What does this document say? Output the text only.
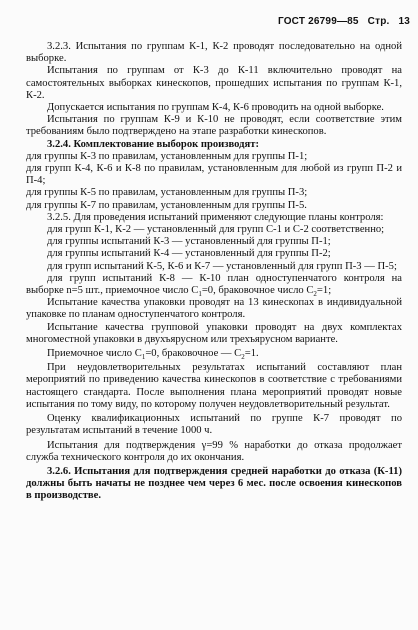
ГОСТ 26799—85 Стр. 13

3.2.3. Испытания по группам К-1, К-2 проводят последовательно на одной выборке.

Испытания по группам от К-3 до К-11 включительно проводят на самостоятельных выборках кинескопов, прошедших испытания по группам К-1, К-2.

Допускается испытания по группам К-4, К-6 проводить на одной выборке.

Испытания по группам К-9 и К-10 не проводят, если соответствие этим требованиям было подтверждено на этапе разработки кинескопов.

3.2.4. Комплектование выборок производят:

для группы К-3 по правилам, установленным для группы П-1;

для групп К-4, К-6 и К-8 по правилам, установленным для любой из групп П-2 и П-4;

для группы К-5 по правилам, установленным для группы П-3;

для группы К-7 по правилам, установленным для группы П-5.

3.2.5. Для проведения испытаний применяют следующие планы контроля:

для групп К-1, К-2 — установленный для групп С-1 и С-2 соответственно;

для группы испытаний К-3 — установленный для группы П-1;

для группы испытаний К-4 — установленный для группы П-2;

для групп испытаний К-5, К-6 и К-7 — установленный для групп П-3 — П-5;

для групп испытаний К-8 — К-10 план одноступенчатого контроля на выборке n=5 шт., приемочное число $C_1=0$, браковочное число $C_2=1$;

Испытание качества упаковки проводят на 13 кинескопах в индивидуальной упаковке по планам одноступенчатого контроля.

Испытание качества групповой упаковки проводят на двух комплектах многоместной упаковки в двухъярусном или трехъярусном варианте.

Приемочное число $C_1=0$, браковочное — $C_2=1$.

При неудовлетворительных результатах испытаний составляют план мероприятий по приведению качества кинескопов в соответствие с требованиями настоящего стандарта. После выполнения плана мероприятий проводят новые испытания по тому виду, по которому получен неудовлетворительный результат.

Оценку квалификационных испытаний по группе К-7 проводят по результатам испытаний в течение 1000 ч.

Испытания для подтверждения γ=99 % наработки до отказа продолжает служба технического контроля до их окончания.

3.2.6. Испытания для подтверждения средней наработки до отказа (К-11) должны быть начаты не позднее чем через 6 мес. после освоения кинескопов в производстве.
